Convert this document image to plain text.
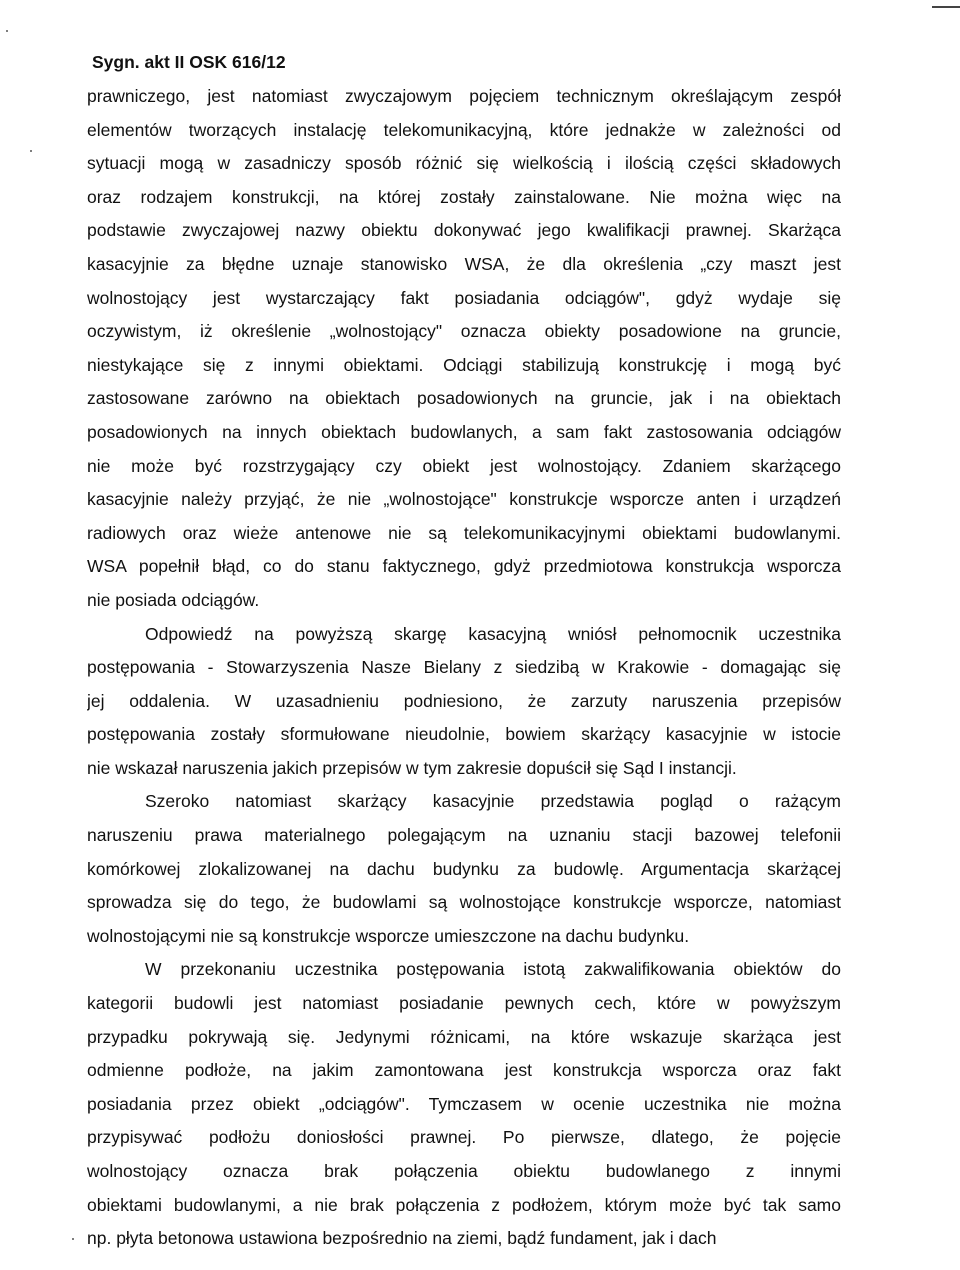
Sygn. akt II OSK 616/12
prawniczego, jest natomiast zwyczajowym pojęciem technicznym określającym zespół
elementów tworzących instalację telekomunikacyjną, które jednakże w zależności od
sytuacji mogą w zasadniczy sposób różnić się wielkością i ilością części składowych
oraz rodzajem konstrukcji, na której zostały zainstalowane. Nie można więc na
podstawie zwyczajowej nazwy obiektu dokonywać jego kwalifikacji prawnej. Skarżąca
kasacyjnie za błędne uznaje stanowisko WSA, że dla określenia „czy maszt jest
wolnostojący jest wystarczający fakt posiadania odciągów", gdyż wydaje się
oczywistym, iż określenie „wolnostojący" oznacza obiekty posadowione na gruncie,
niestykające się z innymi obiektami. Odciągi stabilizują konstrukcję i mogą być
zastosowane zarówno na obiektach posadowionych na gruncie, jak i na obiektach
posadowionych na innych obiektach budowlanych, a sam fakt zastosowania odciągów
nie może być rozstrzygający czy obiekt jest wolnostojący. Zdaniem skarżącego
kasacyjnie należy przyjąć, że nie „wolnostojące" konstrukcje wsporcze anten i urządzeń
radiowych oraz wieże antenowe nie są telekomunikacyjnymi obiektami budowlanymi.
WSA popełnił błąd, co do stanu faktycznego, gdyż przedmiotowa konstrukcja wsporcza
nie posiada odciągów.
Odpowiedź na powyższą skargę kasacyjną wniósł pełnomocnik uczestnika
postępowania - Stowarzyszenia Nasze Bielany z siedzibą w Krakowie - domagając się
jej oddalenia. W uzasadnieniu podniesiono, że zarzuty naruszenia przepisów
postępowania zostały sformułowane nieudolnie, bowiem skarżący kasacyjnie w istocie
nie wskazał naruszenia jakich przepisów w tym zakresie dopuścił się Sąd I instancji.
Szeroko natomiast skarżący kasacyjnie przedstawia pogląd o rażącym
naruszeniu prawa materialnego polegającym na uznaniu stacji bazowej telefonii
komórkowej zlokalizowanej na dachu budynku za budowlę. Argumentacja skarżącej
sprowadza się do tego, że budowlami są wolnostojące konstrukcje wsporcze, natomiast
wolnostojącymi nie są konstrukcje wsporcze umieszczone na dachu budynku.
W przekonaniu uczestnika postępowania istotą zakwalifikowania obiektów do
kategorii budowli jest natomiast posiadanie pewnych cech, które w powyższym
przypadku pokrywają się. Jedynymi różnicami, na które wskazuje skarżąca jest
odmienne podłoże, na jakim zamontowana jest konstrukcja wsporcza oraz fakt
posiadania przez obiekt „odciągów". Tymczasem w ocenie uczestnika nie można
przypisywać podłożu doniosłości prawnej. Po pierwsze, dlatego, że pojęcie
wolnostojący oznacza brak połączenia obiektu budowlanego z innymi
obiektami budowlanymi, a nie brak połączenia z podłożem, którym może być tak samo
np. płyta betonowa ustawiona bezpośrednio na ziemi, bądź fundament, jak i dach
